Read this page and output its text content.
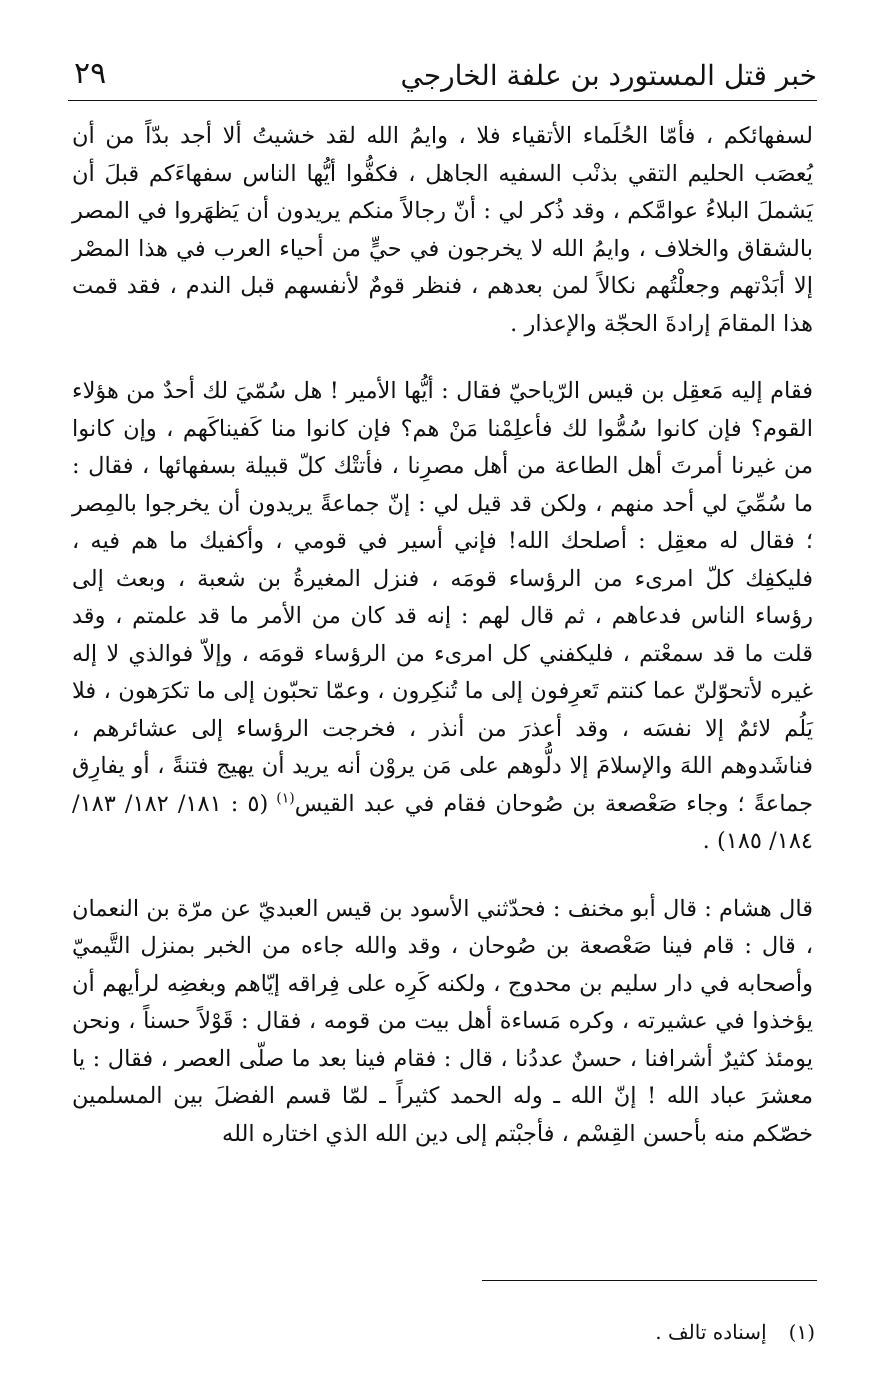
خبر قتل المستورد بن علفة الخارجي
٢٩

لسفهائكم ، فأمّا الحُلَماء الأتقياء فلا ، وايمُ الله لقد خشيتُ ألا أجد بدّاً من أن يُعصَب الحليم التقي بذنْب السفيه الجاهل ، فكفُّوا أيُّها الناس سفهاءَكم قبلَ أن يَشملَ البلاءُ عوامَّكم ، وقد ذُكر لي : أنّ رجالاً منكم يريدون أن يَظهَروا في المصر بالشقاق والخلاف ، وايمُ الله لا يخرجون في حيٍّ من أحياء العرب في هذا المصْر إلا أبَدْتهم وجعلْتُهم نكالاً لمن بعدهم ، فنظر قومٌ لأنفسهم قبل الندم ، فقد قمت هذا المقامَ إرادةَ الحجّة والإعذار .

فقام إليه مَعقِل بن قيس الرّياحيّ فقال : أيُّها الأمير ! هل سُمّيَ لك أحدٌ من هؤلاء القوم؟ فإن كانوا سُمُّوا لك فأعلِمْنا مَنْ هم؟ فإن كانوا منا كَفيناكَهم ، وإن كانوا من غيرنا أمرتَ أهل الطاعة من أهل مصرِنا ، فأتتْك كلّ قبيلة بسفهائها ، فقال : ما سُمِّيَ لي أحد منهم ، ولكن قد قيل لي : إنّ جماعةً يريدون أن يخرجوا بالمِصر ؛ فقال له معقِل : أصلحك الله! فإني أسير في قومي ، وأكفيك ما هم فيه ، فليكفِك كلّ امرىء من الرؤساء قومَه ، فنزل المغيرةُ بن شعبة ، وبعث إلى رؤساء الناس فدعاهم ، ثم قال لهم : إنه قد كان من الأمر ما قد علمتم ، وقد قلت ما قد سمعْتم ، فليكفني كل امرىء من الرؤساء قومَه ، وإلاّ فوالذي لا إله غيره لأتحوّلنّ عما كنتم تَعرِفون إلى ما تُنكِرون ، وعمّا تحبّون إلى ما تكرَهون ، فلا يَلُم لائمٌ إلا نفسَه ، وقد أعذرَ من أنذر ، فخرجت الرؤساء إلى عشائرهم ، فناشَدوهم اللهَ والإسلامَ إلا دلُّوهم على مَن يروْن أنه يريد أن يهيج فتنةً ، أو يفارِق جماعةً ؛ وجاء صَعْصعة بن صُوحان فقام في عبد القيس$^{(١)}$(٥ : ١٨١/ ١٨٢/ ١٨٣/ ١٨٤/ ١٨٥) .

قال هشام : قال أبو مخنف : فحدّثني الأسود بن قيس العبديّ عن مرّة بن النعمان ، قال : قام فينا صَعْصعة بن صُوحان ، وقد والله جاءه من الخبر بمنزل التَّيميّ وأصحابه في دار سليم بن محدوج ، ولكنه كَرِه على فِراقه إيّاهم وبغضِه لرأيهم أن يؤخذوا في عشيرته ، وكره مَساءة أهل بيت من قومه ، فقال : قَوْلاً حسناً ، ونحن يومئذ كثيرٌ أشرافنا ، حسنٌ عددُنا ، قال : فقام فينا بعد ما صلّى العصر ، فقال : يا معشرَ عباد الله ! إنّ الله ـ وله الحمد كثيراً ـ لمّا قسم الفضلَ بين المسلمين خصّكم منه بأحسن القِسْم ، فأجبْتم إلى دين الله الذي اختاره الله

(١)إسناده تالف .
